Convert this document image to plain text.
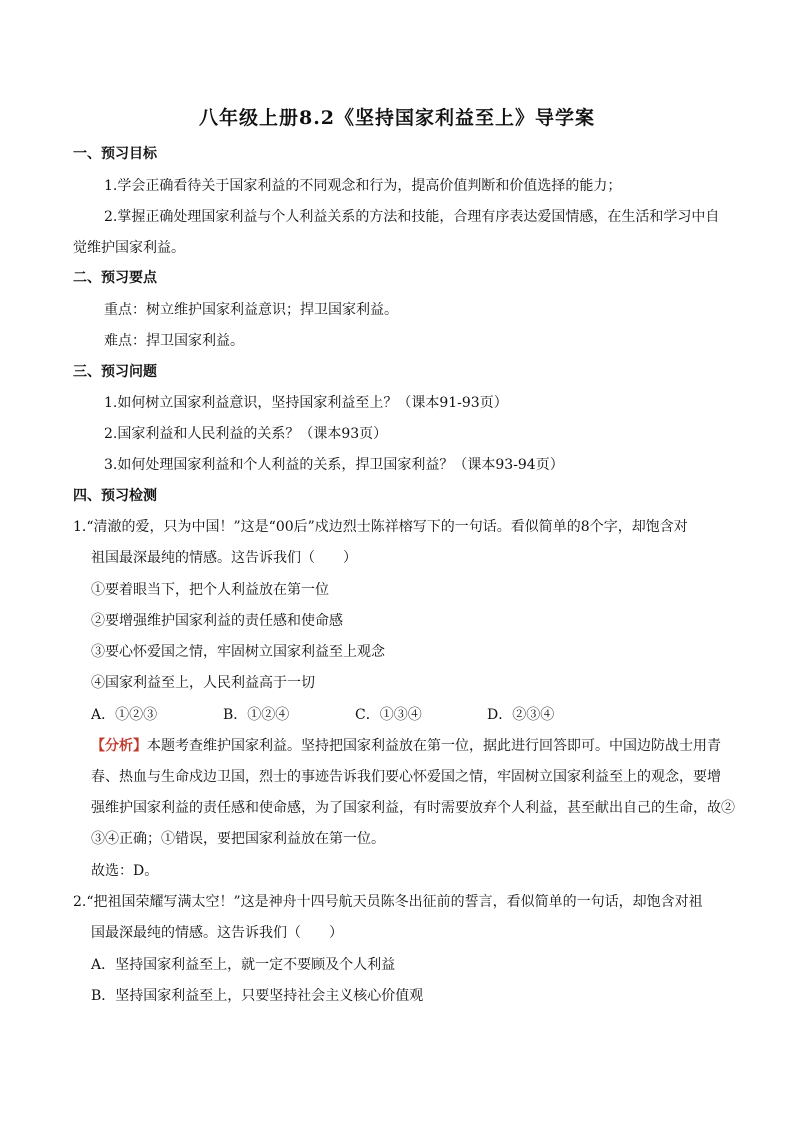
八年级上册8.2《坚持国家利益至上》导学案
一、预习目标
1.学会正确看待关于国家利益的不同观念和行为，提高价值判断和价值选择的能力；
2.掌握正确处理国家利益与个人利益关系的方法和技能，合理有序表达爱国情感，在生活和学习中自
觉维护国家利益。
二、预习要点
重点：树立维护国家利益意识；捍卫国家利益。
难点：捍卫国家利益。
三、预习问题
1.如何树立国家利益意识，坚持国家利益至上？（课本91-93页）
2.国家利益和人民利益的关系？（课本93页）
3.如何处理国家利益和个人利益的关系，捍卫国家利益？（课本93-94页）
四、预习检测
1.“清澈的爱，只为中国！”这是“00后”戍边烈士陈祥榕写下的一句话。看似简单的8个字，却饱含对
祖国最深最纯的情感。这告诉我们（　　）
①要着眼当下，把个人利益放在第一位
②要增强维护国家利益的责任感和使命感
③要心怀爱国之情，牢固树立国家利益至上观念
④国家利益至上，人民利益高于一切
A．①②③	B．①②④	C．①③④	D．②③④
【分析】本题考查维护国家利益。坚持把国家利益放在第一位，据此进行回答即可。中国边防战士用青
春、热血与生命戍边卫国，烈士的事迹告诉我们要心怀爱国之情，牢固树立国家利益至上的观念，要增
强维护国家利益的责任感和使命感，为了国家利益，有时需要放弃个人利益，甚至献出自己的生命，故②
③④正确；①错误，要把国家利益放在第一位。
故选：D。
2.“把祖国荣耀写满太空！”这是神舟十四号航天员陈冬出征前的誓言，看似简单的一句话，却饱含对祖
国最深最纯的情感。这告诉我们（　　）
A．坚持国家利益至上，就一定不要顾及个人利益
B．坚持国家利益至上，只要坚持社会主义核心价值观
